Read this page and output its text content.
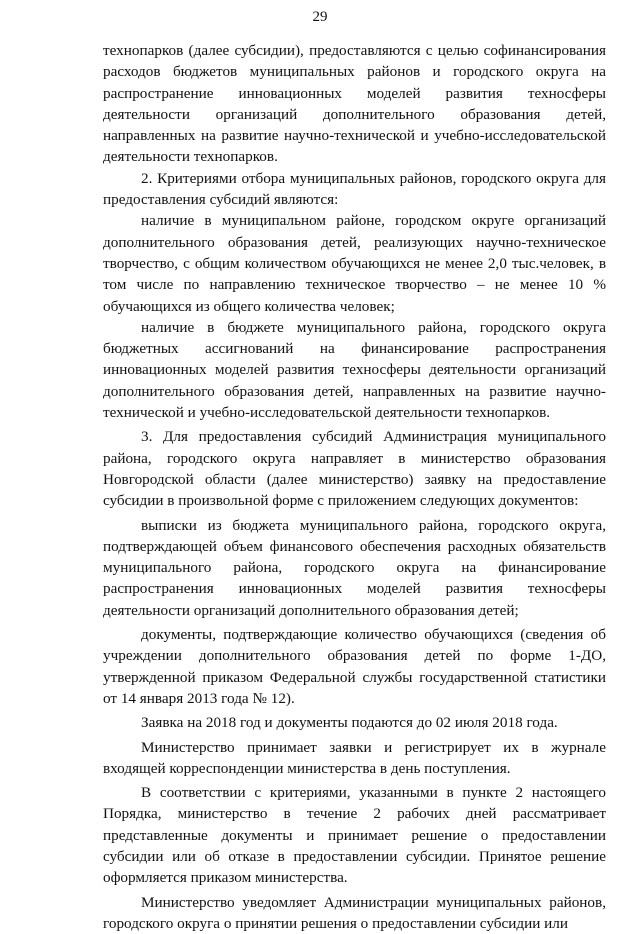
29

технопарков (далее субсидии), предоставляются с целью софинансирования расходов бюджетов муниципальных районов и городского округа на распространение инновационных моделей развития техносферы деятельности организаций дополнительного образования детей, направленных на развитие научно-технической и учебно-исследовательской деятельности технопарков.

2. Критериями отбора муниципальных районов, городского округа для предоставления субсидий являются:

наличие в муниципальном районе, городском округе организаций дополнительного образования детей, реализующих научно-техническое творчество, с общим количеством обучающихся не менее 2,0 тыс.человек, в том числе по направлению техническое творчество – не менее 10 % обучающихся из общего количества человек;

наличие в бюджете муниципального района, городского округа бюджетных ассигнований на финансирование распространения инновационных моделей развития техносферы деятельности организаций дополнительного образования детей, направленных на развитие научно-технической и учебно-исследовательской деятельности технопарков.

3. Для предоставления субсидий Администрация муниципального района, городского округа направляет в министерство образования Новгородской области (далее министерство) заявку на предоставление субсидии в произвольной форме с приложением следующих документов:

выписки из бюджета муниципального района, городского округа, подтверждающей объем финансового обеспечения расходных обязательств муниципального района, городского округа на финансирование распространения инновационных моделей развития техносферы деятельности организаций дополнительного образования детей;

документы, подтверждающие количество обучающихся (сведения об учреждении дополнительного образования детей по форме 1-ДО, утвержденной приказом Федеральной службы государственной статистики от 14 января 2013 года № 12).

Заявка на 2018 год и документы подаются до 02 июля 2018 года.

Министерство принимает заявки и регистрирует их в журнале входящей корреспонденции министерства в день поступления.

В соответствии с критериями, указанными в пункте 2 настоящего Порядка, министерство в течение 2 рабочих дней рассматривает представленные документы и принимает решение о предоставлении субсидии или об отказе в предоставлении субсидии. Принятое решение оформляется приказом министерства.

Министерство уведомляет Администрации муниципальных районов, городского округа о принятии решения о предоставлении субсидии или
